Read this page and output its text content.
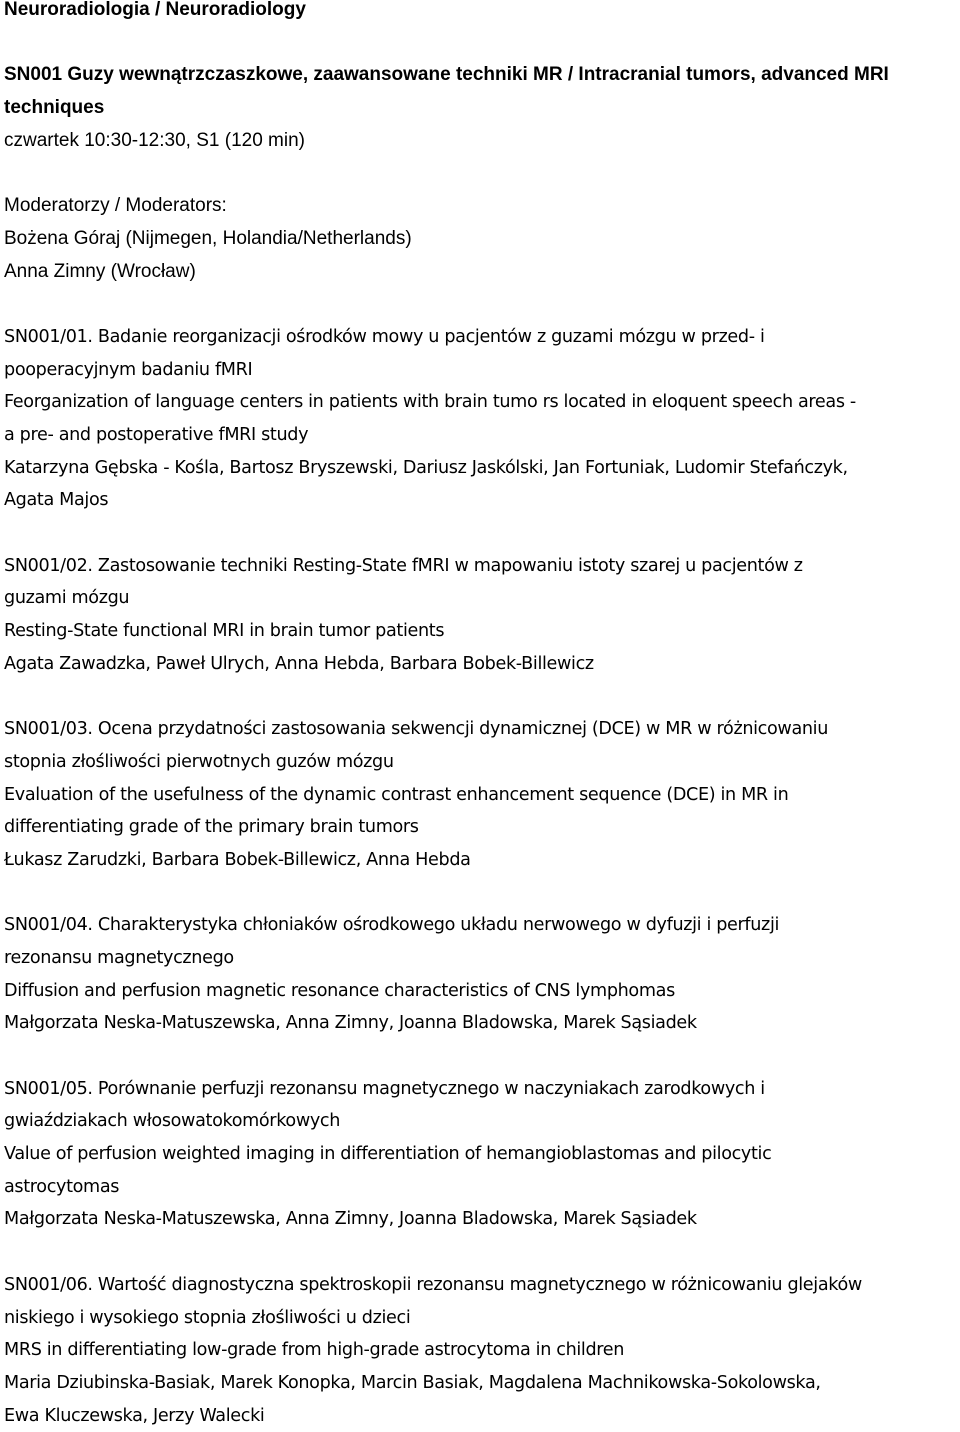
Neuroradiologia / Neuroradiology
SN001 Guzy wewnątrzczaszkowe, zaawansowane techniki MR / Intracranial tumors, advanced MRI
techniques
czwartek 10:30-12:30, S1 (120 min)
Moderatorzy / Moderators:
Bożena Góraj (Nijmegen, Holandia/Netherlands)
Anna Zimny (Wrocław)
SN001/01. Badanie reorganizacji ośrodków mowy u pacjentów z guzami mózgu w przed- i
pooperacyjnym badaniu fMRI
Feorganization of language centers in patients with brain tumo rs located in eloquent speech areas -
a pre- and postoperative fMRI study
Katarzyna Gębska - Kośla, Bartosz Bryszewski, Dariusz Jaskólski, Jan Fortuniak, Ludomir Stefańczyk,
Agata Majos
SN001/02. Zastosowanie techniki Resting-State fMRI w mapowaniu istoty szarej u pacjentów z
guzami mózgu
Resting-State functional MRI in brain tumor patients
Agata Zawadzka, Paweł Ulrych, Anna Hebda, Barbara Bobek-Billewicz
SN001/03. Ocena przydatności zastosowania sekwencji dynamicznej (DCE) w MR w różnicowaniu
stopnia złośliwości pierwotnych guzów mózgu
Evaluation of the usefulness of the dynamic contrast enhancement sequence (DCE) in MR in
differentiating grade of the primary brain tumors
Łukasz Zarudzki, Barbara Bobek-Billewicz, Anna Hebda
SN001/04. Charakterystyka chłoniaków ośrodkowego układu nerwowego w dyfuzji i perfuzji
rezonansu magnetycznego
Diffusion and perfusion magnetic resonance characteristics of CNS lymphomas
Małgorzata Neska-Matuszewska, Anna Zimny, Joanna Bladowska, Marek Sąsiadek
SN001/05. Porównanie perfuzji rezonansu magnetycznego w naczyniakach zarodkowych i
gwiaździakach włosowatokomórkowych
Value of perfusion weighted imaging in differentiation of hemangioblastomas and pilocytic
astrocytomas
Małgorzata Neska-Matuszewska, Anna Zimny, Joanna Bladowska, Marek Sąsiadek
SN001/06. Wartość diagnostyczna spektroskopii rezonansu magnetycznego w różnicowaniu glejaków
niskiego i wysokiego stopnia złośliwości u dzieci
MRS in differentiating low-grade from high-grade astrocytoma in children
Maria Dziubinska-Basiak, Marek Konopka, Marcin Basiak, Magdalena Machnikowska-Sokolowska,
Ewa Kluczewska, Jerzy Walecki
